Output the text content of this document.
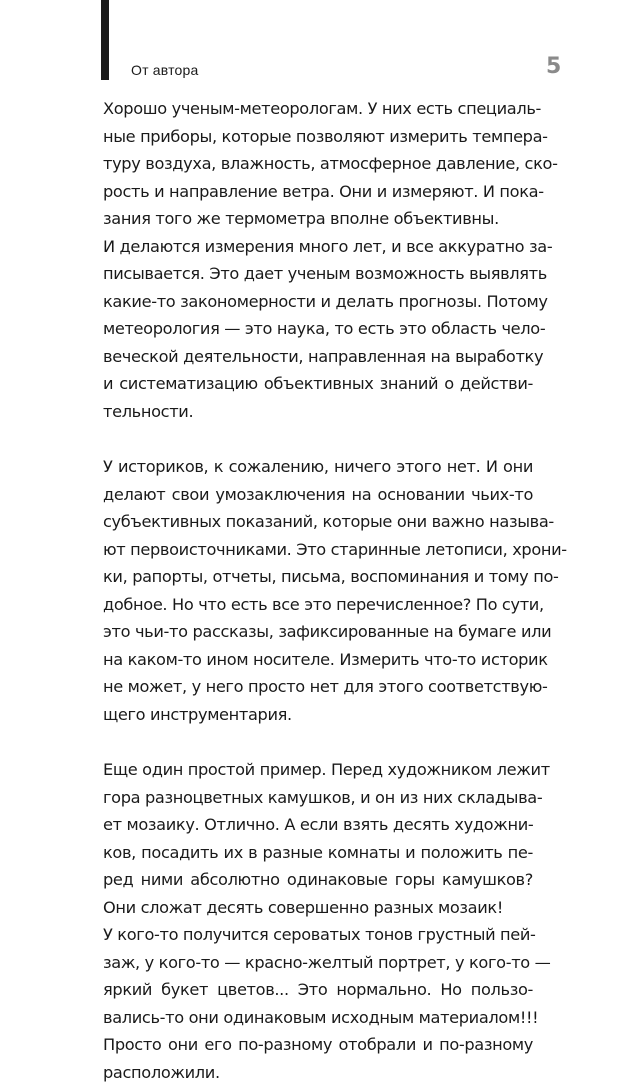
От автора	5
Хорошо ученым-метеорологам. У них есть специаль-
ные приборы, которые позволяют измерить темпера-
туру воздуха, влажность, атмосферное давление, ско-
рость и направление ветра. Они и измеряют. И пока-
зания того же термометра вполне объективны.
И делаются измерения много лет, и все аккуратно за-
писывается. Это дает ученым возможность выявлять
какие-то закономерности и делать прогнозы. Потому
метеорология — это наука, то есть это область чело-
веческой деятельности, направленная на выработку
и систематизацию объективных знаний о действи-
тельности.
У историков, к сожалению, ничего этого нет. И они
делают свои умозаключения на основании чьих-то
субъективных показаний, которые они важно называ-
ют первоисточниками. Это старинные летописи, хрони-
ки, рапорты, отчеты, письма, воспоминания и тому по-
добное. Но что есть все это перечисленное? По сути,
это чьи-то рассказы, зафиксированные на бумаге или
на каком-то ином носителе. Измерить что-то историк
не может, у него просто нет для этого соответствую-
щего инструментария.
Еще один простой пример. Перед художником лежит
гора разноцветных камушков, и он из них складыва-
ет мозаику. Отлично. А если взять десять художни-
ков, посадить их в разные комнаты и положить пе-
ред ними абсолютно одинаковые горы камушков?
Они сложат десять совершенно разных мозаик!
У кого-то получится сероватых тонов грустный пей-
заж, у кого-то — красно-желтый портрет, у кого-то —
яркий букет цветов... Это нормально. Но пользо-
вались-то они одинаковым исходным материалом!!!
Просто они его по-разному отобрали и по-разному
расположили.
